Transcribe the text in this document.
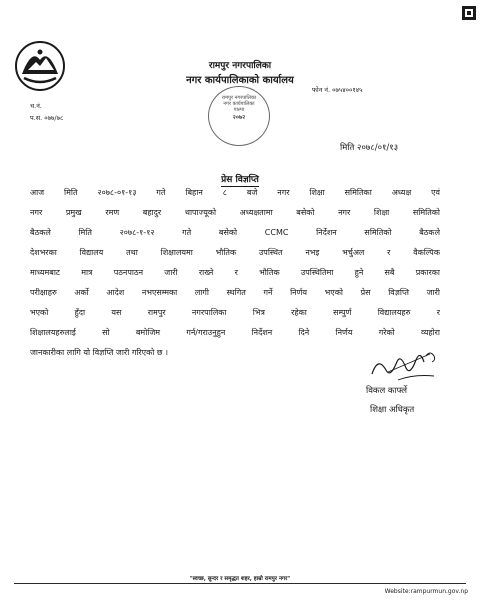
च.नं.
प.स. ०७७/७८
रामपुर नगरपालिका
नगर कार्यपालिकाको कार्यालय
रामपुर नगरपालिका
नगर कार्यपालिका
पाल्पा
२०७२
फोन नं. ०७५४००१४५
मिति २०७८/०१/१३
प्रेस विज्ञप्ति
आज मिति २०७८-०१-१३ गते बिहान ८ बजे नगर शिक्षा समितिका अध्यक्ष एवं
नगर प्रमुख रमण बहादुर थापाज्यूको अध्यक्षतामा बसेको नगर शिक्षा समितिको
बैठकले मिति २०७८-१-१२ गते बसेको CCMC निर्देशन समितिको बैठकले
देशभरका विद्यालय तथा शिक्षालयमा भौतिक उपस्थित नभइ भर्चुअल र वैकल्पिक
माध्यमबाट मात्र पठनपाठन जारी राख्ने र भौतिक उपस्थितिमा हुने सबै प्रकारका
परीक्षाहरु अर्को आदेश नभएसम्मका लागी स्थगित गर्ने निर्णय भएको प्रेस विज्ञप्ति जारी
भएको हुँदा यस रामपुर नगरपालिका भित्र रहेका सम्पुर्ण विद्यालयहरु र
शिक्षालयहरुलाई सो बमोजिम गर्न/गराउनुहुन निर्देशन दिने निर्णय गरेको व्यहोरा
जानकारीका लागि यो विज्ञप्ति जारी गरिएको छ ।
विकल कार्फ्ले
शिक्षा अधिकृत
"स्वच्छ, सुन्दर र समृद्धत शहर, हाम्रो रामपुर नगर"
Website:rampurmun.gov.np
